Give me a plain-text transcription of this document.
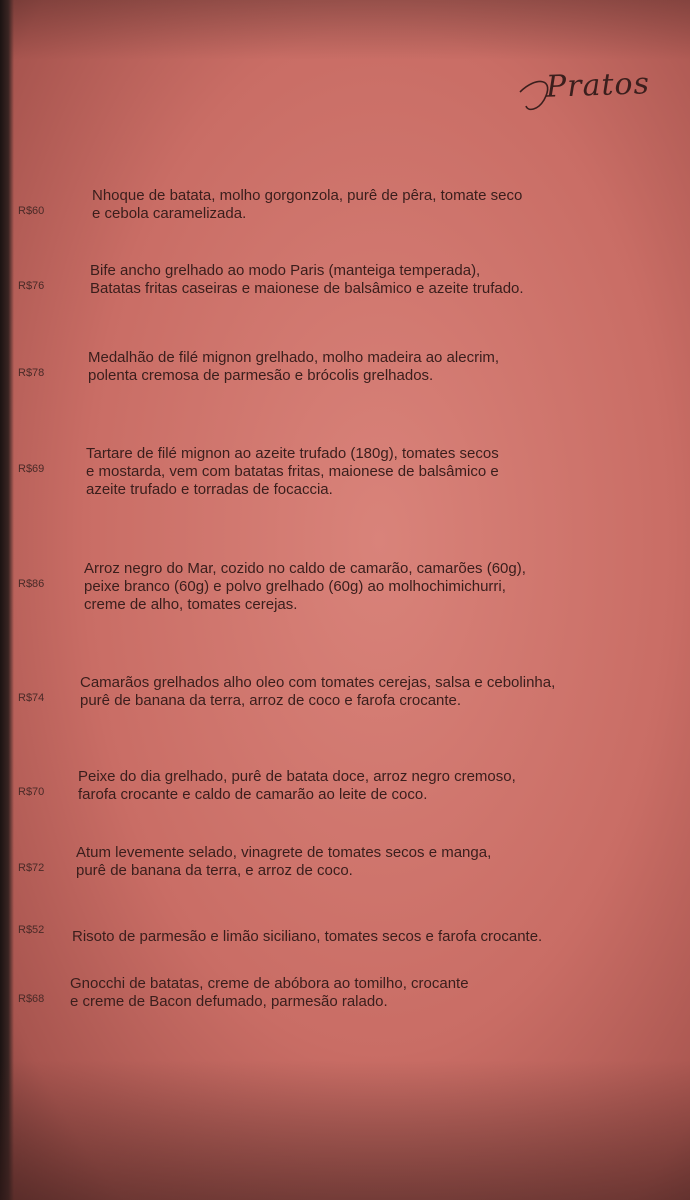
Pratos
R$60
Nhoque de batata, molho gorgonzola, purê de pêra, tomate seco
e cebola caramelizada.
R$76
Bife ancho grelhado ao modo Paris (manteiga temperada),
Batatas fritas caseiras e maionese de balsâmico e azeite trufado.
R$78
Medalhão de filé mignon grelhado, molho madeira ao alecrim,
polenta cremosa de parmesão e brócolis grelhados.
R$69
Tartare de filé mignon ao azeite trufado (180g), tomates secos
e mostarda, vem com batatas fritas, maionese de balsâmico e
azeite trufado e torradas de focaccia.
R$86
Arroz negro do Mar, cozido no caldo de camarão, camarões (60g),
peixe branco (60g) e polvo grelhado (60g) ao molhochimichurri,
creme de alho, tomates cerejas.
R$74
Camarãos grelhados alho oleo com tomates cerejas, salsa e cebolinha,
purê de banana da terra, arroz de coco e farofa crocante.
R$70
Peixe do dia grelhado, purê de batata doce, arroz negro cremoso,
farofa crocante e caldo de camarão ao leite de coco.
R$72
Atum levemente selado, vinagrete de tomates secos e manga,
purê de banana da terra, e arroz de coco.
R$52 Risoto de parmesão e limão siciliano, tomates secos e farofa crocante.
R$68
Gnocchi de batatas, creme de abóbora ao tomilho, crocante
e creme de Bacon defumado, parmesão ralado.
